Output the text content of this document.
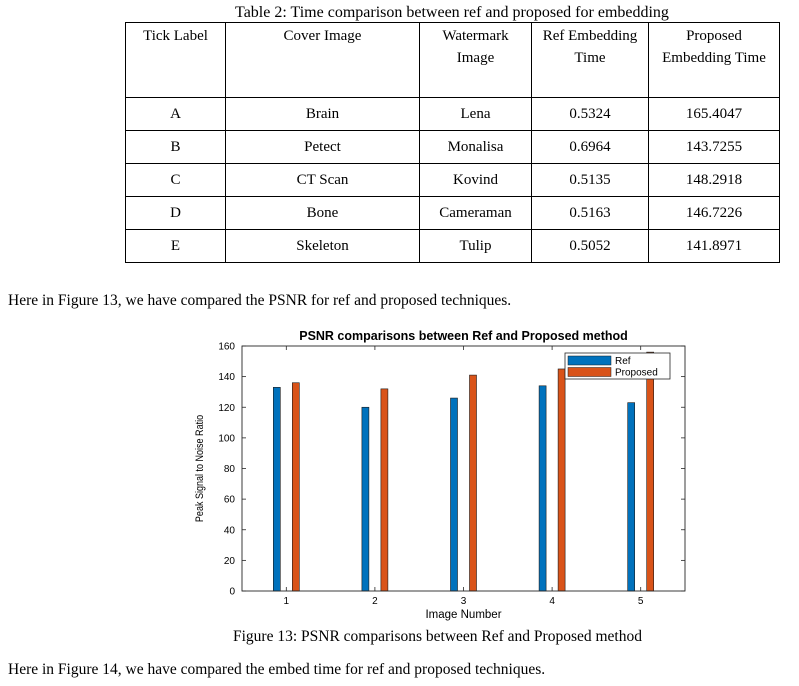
Table 2: Time comparison between ref and proposed for embedding
Tick Label	Cover Image	Watermark Image	Ref Embedding Time	Proposed Embedding Time
A	Brain	Lena	0.5324	165.4047
B	Petect	Monalisa	0.6964	143.7255
C	CT Scan	Kovind	0.5135	148.2918
D	Bone	Cameraman	0.5163	146.7226
E	Skeleton	Tulip	0.5052	141.8971
Here in Figure 13, we have compared the PSNR for ref and proposed techniques.
PSNR comparisons between Ref and Proposed method
1	2	3	4	5
0
20
40
60
80
100
120
140
160
Image Number
Peak Signal to Noise Ratio
Ref
Proposed
Figure 13: PSNR comparisons between Ref and Proposed method
Here in Figure 14, we have compared the embed time for ref and proposed techniques.
